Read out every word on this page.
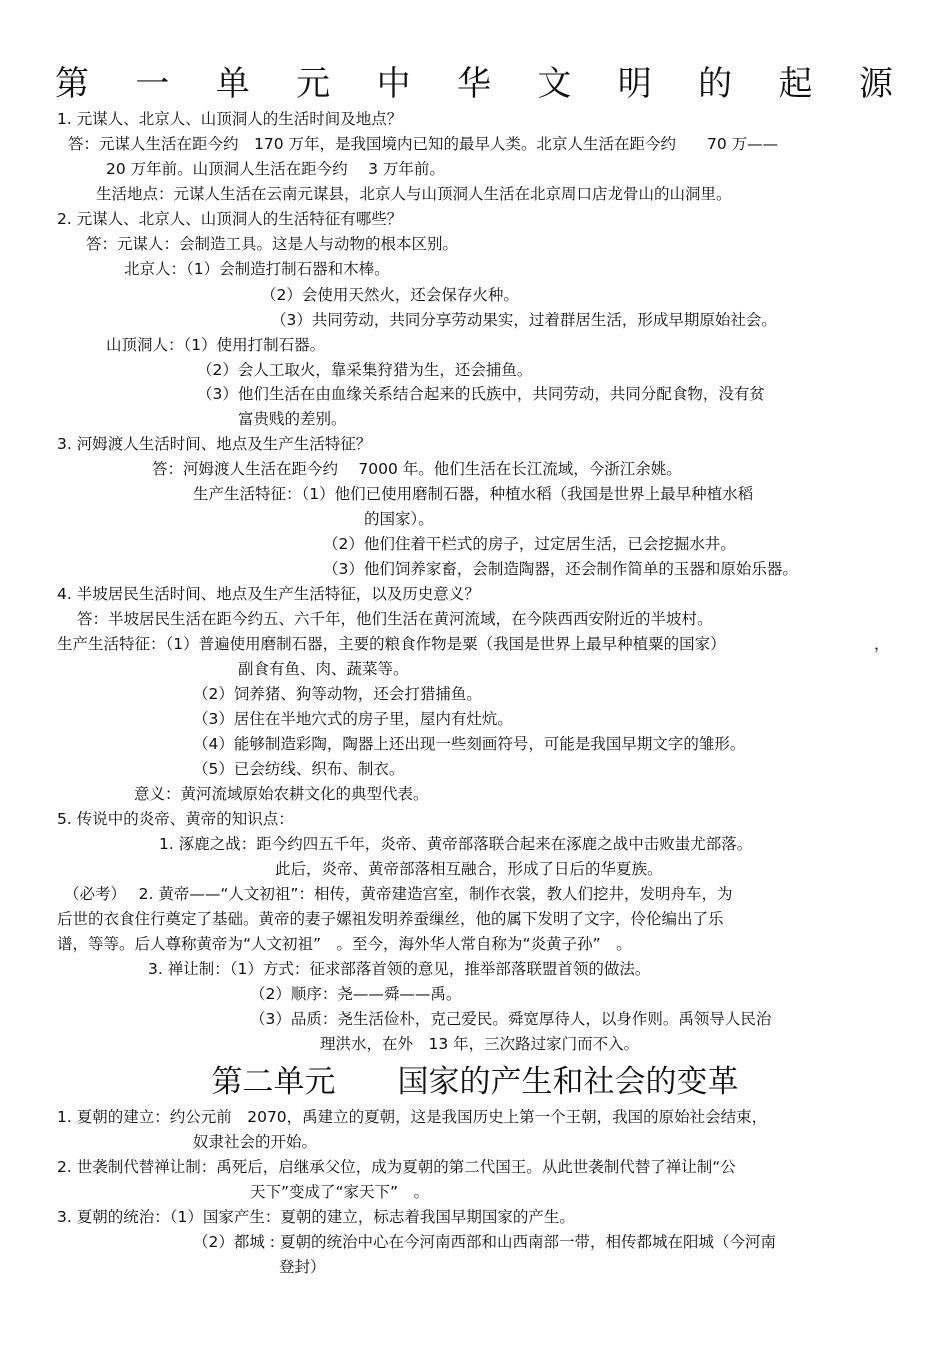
第 一 单 元 中 华 文 明 的 起 源
1. 元谋人、北京人、山顶洞人的生活时间及地点？
答：元谋人生活在距今约　170 万年，是我国境内已知的最早人类。北京人生活在距今约　　70 万——
20 万年前。山顶洞人生活在距今约　 3 万年前。
生活地点：元谋人生活在云南元谋县，北京人与山顶洞人生活在北京周口店龙骨山的山洞里。
2. 元谋人、北京人、山顶洞人的生活特征有哪些？
答：元谋人：会制造工具。这是人与动物的根本区别。
北京人：（1）会制造打制石器和木棒。
（2）会使用天然火，还会保存火种。
（3）共同劳动，共同分享劳动果实，过着群居生活，形成早期原始社会。
山顶洞人：（1）使用打制石器。
（2）会人工取火，靠采集狩猎为生，还会捕鱼。
（3）他们生活在由血缘关系结合起来的氏族中，共同劳动，共同分配食物，没有贫
富贵贱的差别。
3. 河姆渡人生活时间、地点及生产生活特征？
答：河姆渡人生活在距今约　 7000 年。他们生活在长江流域，今浙江余姚。
生产生活特征：（1）他们已使用磨制石器，种植水稻（我国是世界上最早种植水稻
的国家）。
（2）他们住着干栏式的房子，过定居生活，已会挖掘水井。
（3）他们饲养家畜，会制造陶器，还会制作简单的玉器和原始乐器。
4. 半坡居民生活时间、地点及生产生活特征，以及历史意义？
答：半坡居民生活在距今约五、六千年，他们生活在黄河流域，在今陕西西安附近的半坡村。
生产生活特征：（1）普遍使用磨制石器，主要的粮食作物是粟（我国是世界上最早种植粟的国家）	，
副食有鱼、肉、蔬菜等。
（2）饲养猪、狗等动物，还会打猎捕鱼。
（3）居住在半地穴式的房子里，屋内有灶炕。
（4）能够制造彩陶，陶器上还出现一些刻画符号，可能是我国早期文字的雏形。
（5）已会纺线、织布、制衣。
意义：黄河流域原始农耕文化的典型代表。
5. 传说中的炎帝、黄帝的知识点：
1. 涿鹿之战：距今约四五千年，炎帝、黄帝部落联合起来在涿鹿之战中击败蚩尤部落。
此后，炎帝、黄帝部落相互融合，形成了日后的华夏族。
（必考）　 2. 黄帝——“人文初祖”：相传，黄帝建造宫室，制作衣裳，教人们挖井，发明舟车，为
后世的衣食住行奠定了基础。黄帝的妻子嫘祖发明养蚕缫丝，他的属下发明了文字，伶伦编出了乐
谱，等等。后人尊称黄帝为“人文初祖”　。至今，海外华人常自称为“炎黄子孙”　。
3. 禅让制：（1）方式：征求部落首领的意见，推举部落联盟首领的做法。
（2）顺序：尧——舜——禹。
（3）品质：尧生活俭朴，克己爱民。舜宽厚待人，以身作则。禹领导人民治
理洪水，在外　13 年，三次路过家门而不入。
第二单元　　国家的产生和社会的变革
1. 夏朝的建立：约公元前　2070，禹建立的夏朝，这是我国历史上第一个王朝，我国的原始社会结束，
奴隶社会的开始。
2. 世袭制代替禅让制：禹死后，启继承父位，成为夏朝的第二代国王。从此世袭制代替了禅让制“公
天下”变成了“家天下”　。
3. 夏朝的统治：（1）国家产生：夏朝的建立，标志着我国早期国家的产生。
（2）都城 : 夏朝的统治中心在今河南西部和山西南部一带，相传都城在阳城（今河南
登封）
